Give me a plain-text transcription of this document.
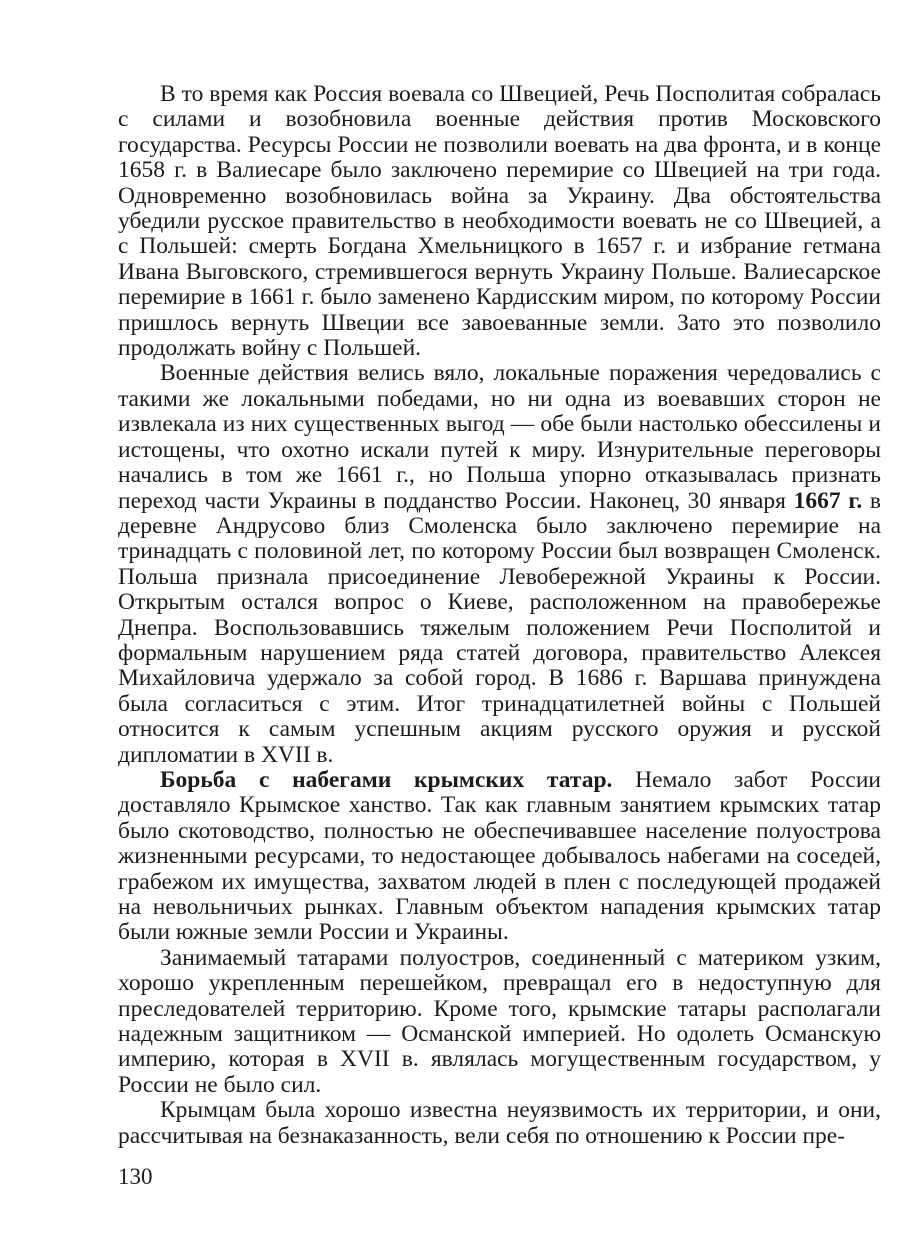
В то время как Россия воевала со Швецией, Речь Посполитая собралась с силами и возобновила военные действия против Московского государства. Ресурсы России не позволили воевать на два фронта, и в конце 1658 г. в Валиесаре было заключено перемирие со Швецией на три года. Одновременно возобновилась война за Украину. Два обстоятельства убедили русское правительство в необходимости воевать не со Швецией, а с Польшей: смерть Богдана Хмельницкого в 1657 г. и избрание гетмана Ивана Выговского, стремившегося вернуть Украину Польше. Валиесарское перемирие в 1661 г. было заменено Кардисским миром, по которому России пришлось вернуть Швеции все завоеванные земли. Зато это позволило продолжать войну с Польшей.

Военные действия велись вяло, локальные поражения чередовались с такими же локальными победами, но ни одна из воевавших сторон не извлекала из них существенных выгод — обе были настолько обессилены и истощены, что охотно искали путей к миру. Изнурительные переговоры начались в том же 1661 г., но Польша упорно отказывалась признать переход части Украины в подданство России. Наконец, 30 января 1667 г. в деревне Андрусово близ Смоленска было заключено перемирие на тринадцать с половиной лет, по которому России был возвращен Смоленск. Польша признала присоединение Левобережной Украины к России. Открытым остался вопрос о Киеве, расположенном на правобережье Днепра. Воспользовавшись тяжелым положением Речи Посполитой и формальным нарушением ряда статей договора, правительство Алексея Михайловича удержало за собой город. В 1686 г. Варшава принуждена была согласиться с этим. Итог тринадцатилетней войны с Польшей относится к самым успешным акциям русского оружия и русской дипломатии в XVII в.

Борьба с набегами крымских татар. Немало забот России доставляло Крымское ханство. Так как главным занятием крымских татар было скотоводство, полностью не обеспечивавшее население полуострова жизненными ресурсами, то недостающее добывалось набегами на соседей, грабежом их имущества, захватом людей в плен с последующей продажей на невольничьих рынках. Главным объектом нападения крымских татар были южные земли России и Украины.

Занимаемый татарами полуостров, соединенный с материком узким, хорошо укрепленным перешейком, превращал его в недоступную для преследователей территорию. Кроме того, крымские татары располагали надежным защитником — Османской империей. Но одолеть Османскую империю, которая в XVII в. являлась могущественным государством, у России не было сил.

Крымцам была хорошо известна неуязвимость их территории, и они, рассчитывая на безнаказанность, вели себя по отношению к России пре-

130
